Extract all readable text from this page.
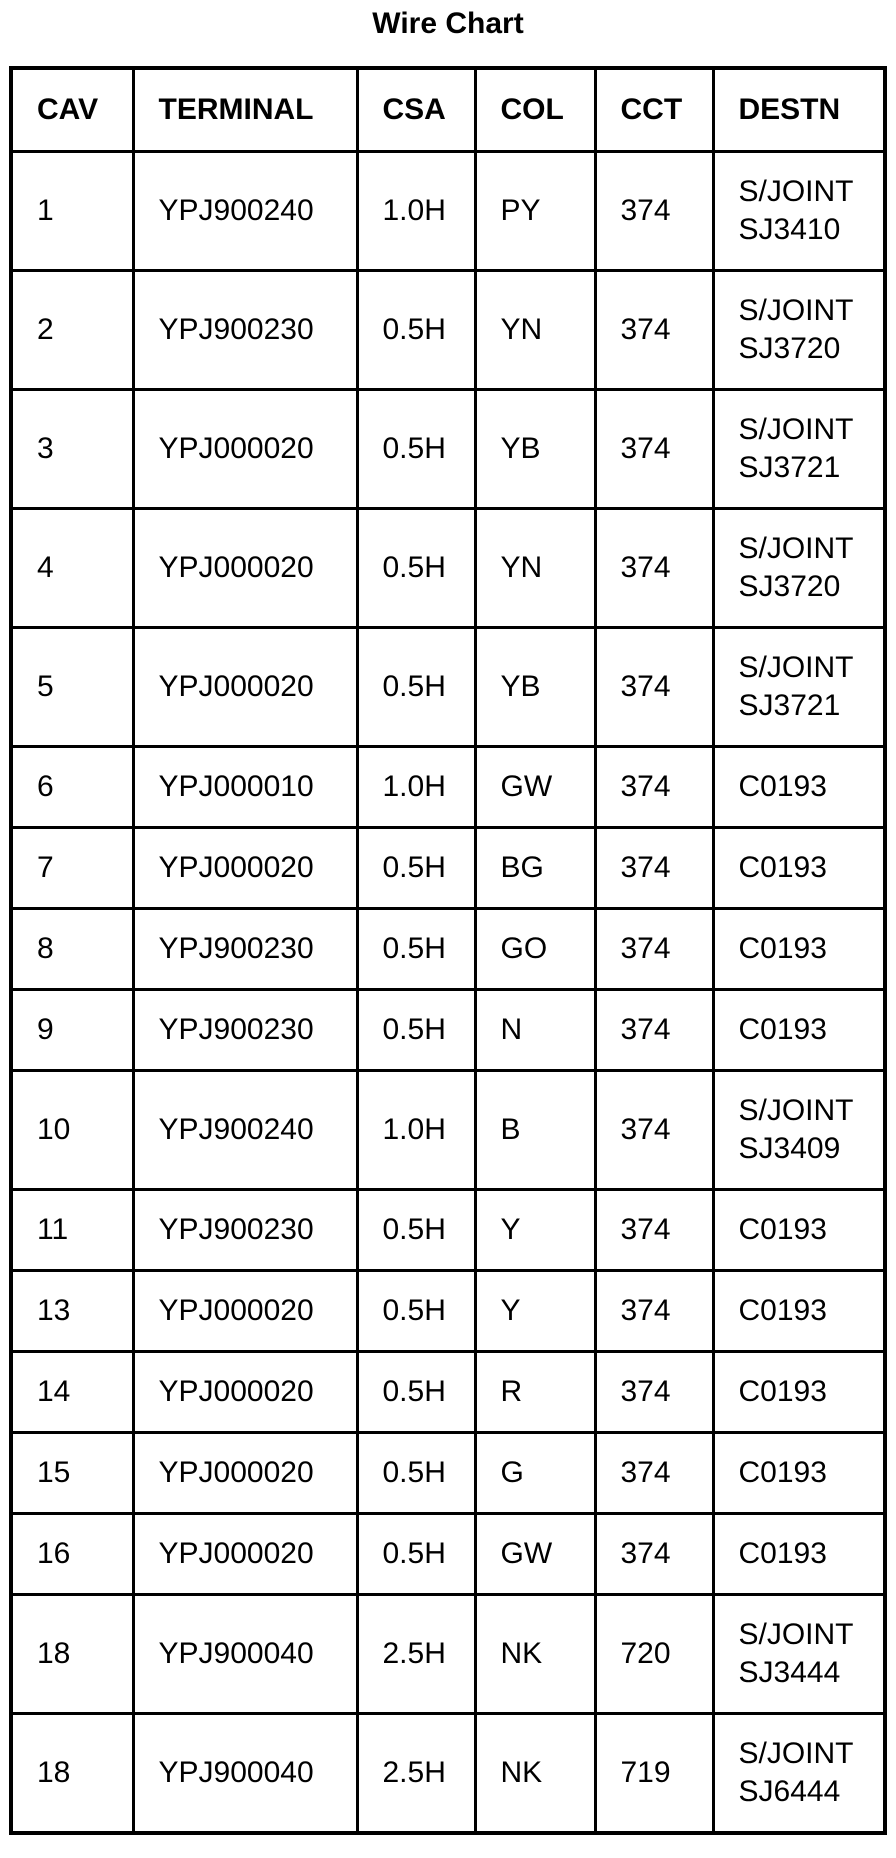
Wire Chart
CAV	TERMINAL	CSA	COL	CCT	DESTN
1	YPJ900240	1.0H	PY	374	S/JOINT
SJ3410

2	YPJ900230	0.5H	YN	374	S/JOINT
SJ3720

3	YPJ000020	0.5H	YB	374	S/JOINT
SJ3721

4	YPJ000020	0.5H	YN	374	S/JOINT
SJ3720

5	YPJ000020	0.5H	YB	374	S/JOINT
SJ3721

6	YPJ000010	1.0H	GW	374	C0193

7	YPJ000020	0.5H	BG	374	C0193

8	YPJ900230	0.5H	GO	374	C0193

9	YPJ900230	0.5H	N	374	C0193

10	YPJ900240	1.0H	B	374	S/JOINT
SJ3409

11	YPJ900230	0.5H	Y	374	C0193

13	YPJ000020	0.5H	Y	374	C0193

14	YPJ000020	0.5H	R	374	C0193

15	YPJ000020	0.5H	G	374	C0193

16	YPJ000020	0.5H	GW	374	C0193

18	YPJ900040	2.5H	NK	720	S/JOINT
SJ3444

18	YPJ900040	2.5H	NK	719	S/JOINT
SJ6444
